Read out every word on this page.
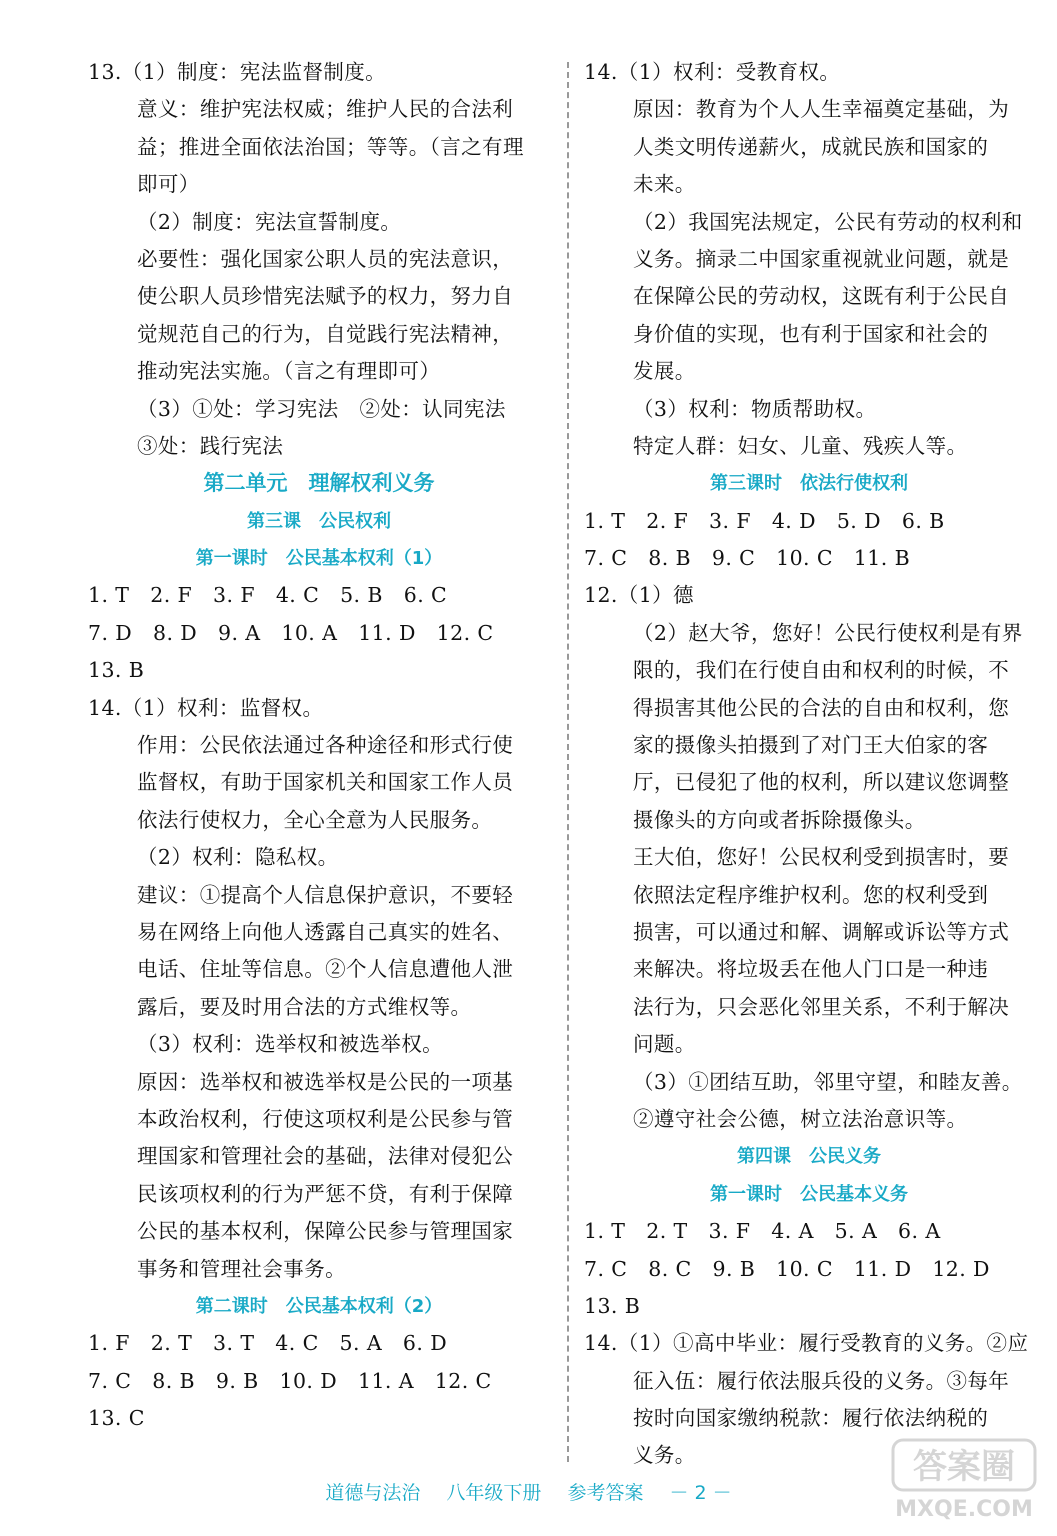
13.（1）制度：宪法监督制度。
意义：维护宪法权威；维护人民的合法利
益；推进全面依法治国；等等。（言之有理
即可）
（2）制度：宪法宣誓制度。
必要性：强化国家公职人员的宪法意识，
使公职人员珍惜宪法赋予的权力，努力自
觉规范自己的行为，自觉践行宪法精神，
推动宪法实施。（言之有理即可）
（3）①处：学习宪法　②处：认同宪法
③处：践行宪法
第二单元　理解权利义务
第三课　公民权利
第一课时　公民基本权利（1）
1. T　2. F　3. F　4. C　5. B　6. C
7. D　8. D　9. A　10. A　11. D　12. C
13. B
14.（1）权利：监督权。
作用：公民依法通过各种途径和形式行使
监督权，有助于国家机关和国家工作人员
依法行使权力，全心全意为人民服务。
（2）权利：隐私权。
建议：①提高个人信息保护意识，不要轻
易在网络上向他人透露自己真实的姓名、
电话、住址等信息。②个人信息遭他人泄
露后，要及时用合法的方式维权等。
（3）权利：选举权和被选举权。
原因：选举权和被选举权是公民的一项基
本政治权利，行使这项权利是公民参与管
理国家和管理社会的基础，法律对侵犯公
民该项权利的行为严惩不贷，有利于保障
公民的基本权利，保障公民参与管理国家
事务和管理社会事务。
第二课时　公民基本权利（2）
1. F　2. T　3. T　4. C　5. A　6. D
7. C　8. B　9. B　10. D　11. A　12. C
13. C
14.（1）权利：受教育权。
原因：教育为个人人生幸福奠定基础，为
人类文明传递薪火，成就民族和国家的
未来。
（2）我国宪法规定，公民有劳动的权利和
义务。摘录二中国家重视就业问题，就是
在保障公民的劳动权，这既有利于公民自
身价值的实现，也有利于国家和社会的
发展。
（3）权利：物质帮助权。
特定人群：妇女、儿童、残疾人等。
第三课时　依法行使权利
1. T　2. F　3. F　4. D　5. D　6. B
7. C　8. B　9. C　10. C　11. B
12.（1）德
（2）赵大爷，您好！公民行使权利是有界
限的，我们在行使自由和权利的时候，不
得损害其他公民的合法的自由和权利，您
家的摄像头拍摄到了对门王大伯家的客
厅，已侵犯了他的权利，所以建议您调整
摄像头的方向或者拆除摄像头。
王大伯，您好！公民权利受到损害时，要
依照法定程序维护权利。您的权利受到
损害，可以通过和解、调解或诉讼等方式
来解决。将垃圾丢在他人门口是一种违
法行为，只会恶化邻里关系，不利于解决
问题。
（3）①团结互助，邻里守望，和睦友善。
②遵守社会公德，树立法治意识等。
第四课　公民义务
第一课时　公民基本义务
1. T　2. T　3. F　4. A　5. A　6. A
7. C　8. C　9. B　10. C　11. D　12. D
13. B
14.（1）①高中毕业：履行受教育的义务。②应
征入伍：履行依法服兵役的义务。③每年
按时向国家缴纳税款：履行依法纳税的
义务。
道德与法治 八年级下册 参考答案 － 2 －
答案圈
MXQE.COM
